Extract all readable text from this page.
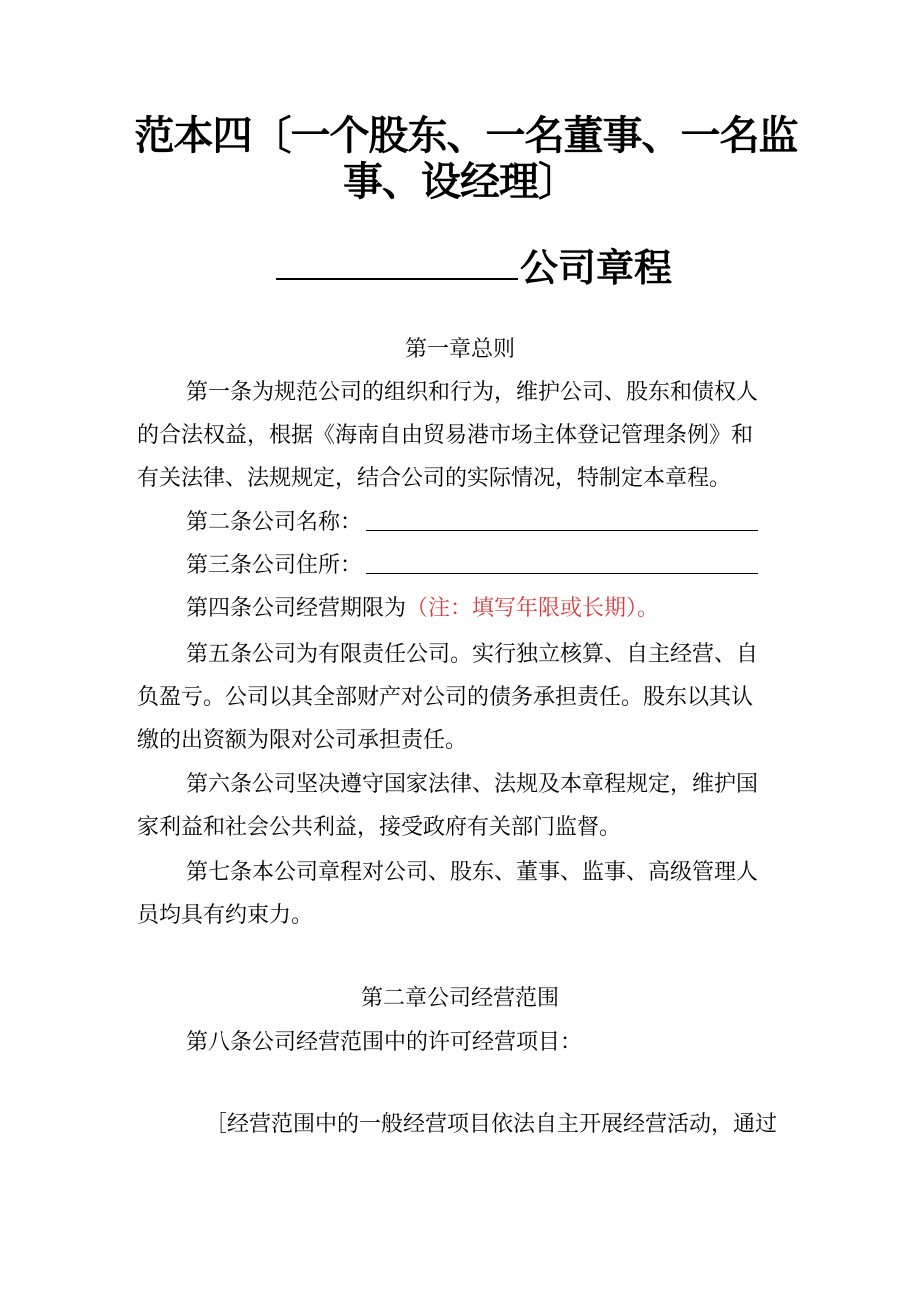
范本四〔一个股东、一名董事、一名监
事、设经理〕
公司章程
第一章总则
第一条为规范公司的组织和行为，维护公司、股东和债权人
的合法权益，根据《海南自由贸易港市场主体登记管理条例》和
有关法律、法规规定，结合公司的实际情况，特制定本章程。
第二条公司名称：
第三条公司住所：
第四条公司经营期限为（注：填写年限或长期）。
第五条公司为有限责任公司。实行独立核算、自主经营、自
负盈亏。公司以其全部财产对公司的债务承担责任。股东以其认
缴的出资额为限对公司承担责任。
第六条公司坚决遵守国家法律、法规及本章程规定，维护国
家利益和社会公共利益，接受政府有关部门监督。
第七条本公司章程对公司、股东、董事、监事、高级管理人
员均具有约束力。
第二章公司经营范围
第八条公司经营范围中的许可经营项目：
［经营范围中的一般经营项目依法自主开展经营活动，通过
